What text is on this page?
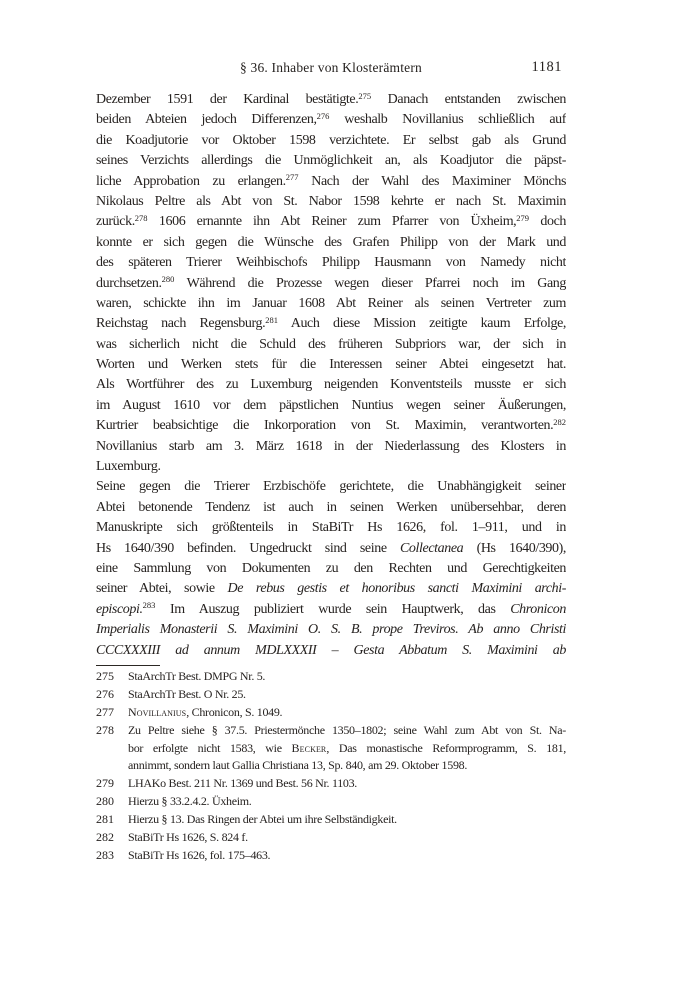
§ 36. Inhaber von Klosterämtern	1181
Dezember 1591 der Kardinal bestätigte.$^{275}$ Danach entstanden zwischen
beiden Abteien jedoch Differenzen,$^{276}$ weshalb Novillanius schließlich auf
die Koadjutorie vor Oktober 1598 verzichtete. Er selbst gab als Grund
seines Verzichts allerdings die Unmöglichkeit an, als Koadjutor die päpst-
liche Approbation zu erlangen.$^{277}$ Nach der Wahl des Maximiner Mönchs
Nikolaus Peltre als Abt von St. Nabor 1598 kehrte er nach St. Maximin
zurück.$^{278}$ 1606 ernannte ihn Abt Reiner zum Pfarrer von Üxheim,$^{279}$ doch
konnte er sich gegen die Wünsche des Grafen Philipp von der Mark und
des späteren Trierer Weihbischofs Philipp Hausmann von Namedy nicht
durchsetzen.$^{280}$ Während die Prozesse wegen dieser Pfarrei noch im Gang
waren, schickte ihn im Januar 1608 Abt Reiner als seinen Vertreter zum
Reichstag nach Regensburg.$^{281}$ Auch diese Mission zeitigte kaum Erfolge,
was sicherlich nicht die Schuld des früheren Subpriors war, der sich in
Worten und Werken stets für die Interessen seiner Abtei eingesetzt hat.
Als Wortführer des zu Luxemburg neigenden Konventsteils musste er sich
im August 1610 vor dem päpstlichen Nuntius wegen seiner Äußerungen,
Kurtrier beabsichtige die Inkorporation von St. Maximin, verantworten.$^{282}$
Novillanius starb am 3. März 1618 in der Niederlassung des Klosters in
Luxemburg.
Seine gegen die Trierer Erzbischöfe gerichtete, die Unabhängigkeit seiner
Abtei betonende Tendenz ist auch in seinen Werken unübersehbar, deren
Manuskripte sich größtenteils in StaBiTr Hs 1626, fol. 1–911, und in
Hs 1640/390 befinden. Ungedruckt sind seine Collectanea (Hs 1640/390),
eine Sammlung von Dokumenten zu den Rechten und Gerechtigkeiten
seiner Abtei, sowie De rebus gestis et honoribus sancti Maximini archi-
episcopi.$^{283}$ Im Auszug publiziert wurde sein Hauptwerk, das Chronicon
Imperialis Monasterii S. Maximini O. S. B. prope Treviros. Ab anno Christi
CCCXXXIII ad annum MDLXXXII – Gesta Abbatum S. Maximini ab
275 StaArchTr Best. DMPG Nr. 5.
276 StaArchTr Best. O Nr. 25.
277 Novillanius, Chronicon, S. 1049.
278 Zu Peltre siehe § 37.5. Priestermönche 1350–1802; seine Wahl zum Abt von St. Na-
bor erfolgte nicht 1583, wie Becker, Das monastische Reformprogramm, S. 181,
annimmt, sondern laut Gallia Christiana 13, Sp. 840, am 29. Oktober 1598.
279 LHAKo Best. 211 Nr. 1369 und Best. 56 Nr. 1103.
280 Hierzu § 33.2.4.2. Üxheim.
281 Hierzu § 13. Das Ringen der Abtei um ihre Selbständigkeit.
282 StaBiTr Hs 1626, S. 824 f.
283 StaBiTr Hs 1626, fol. 175–463.
